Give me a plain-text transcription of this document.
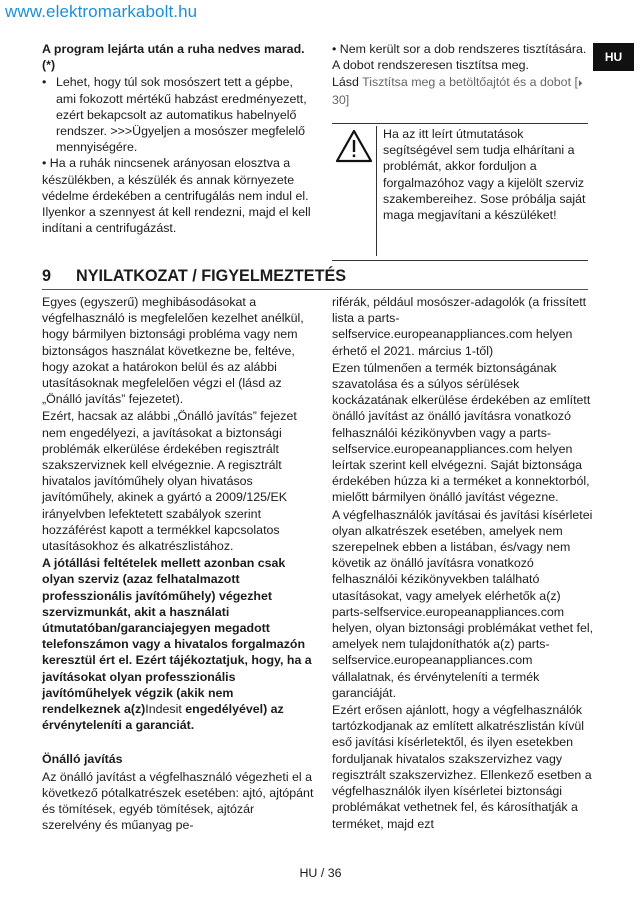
www.elektromarkabolt.hu
HU

A program lejárta után a ruha nedves marad. (*)

• Lehet, hogy túl sok mosószert tett a gépbe, ami fokozott mértékű habzást eredményezett, ezért bekapcsolt az automatikus habelnyelő rendszer. >>>Ügyeljen a mosószer megfelelő mennyiségére.

• Ha a ruhák nincsenek arányosan elosztva a készülékben, a készülék és annak környezete védelme érdekében a centrifugálás nem indul el. Ilyenkor a szennyest át kell rendezni, majd el kell indítani a centrifugázást.

• Nem került sor a dob rendszeres tisztítására. A dobot rendszeresen tisztítsa meg.

Lásd Tisztítsa meg a betöltőajtót és a dobot [⏵ 30]

Ha az itt leírt útmutatások segítségével sem tudja elhárítani a problémát, akkor forduljon a forgalmazóhoz vagy a kijelölt szerviz szakembereihez. Sose próbálja saját maga megjavítani a készüléket!
9 NYILATKOZAT / FIGYELMEZTETÉS

Egyes (egyszerű) meghibásodásokat a végfelhasználó is megfelelően kezelhet anélkül, hogy bármilyen biztonsági probléma vagy nem biztonságos használat következne be, feltéve, hogy azokat a határokon belül és az alábbi utasításoknak megfelelően végzi el (lásd az „Önálló javítás” fejezetet).

Ezért, hacsak az alábbi „Önálló javítás” fejezet nem engedélyezi, a javításokat a biztonsági problémák elkerülése érdekében regisztrált szakszerviznek kell elvégeznie. A regisztrált hivatalos javítóműhely olyan hivatásos javítóműhely, akinek a gyártó a 2009/125/EK irányelvben lefektetett szabályok szerint hozzáférést kapott a termékkel kapcsolatos utasításokhoz és alkatrészlistához.

A jótállási feltételek mellett azonban csak olyan szerviz (azaz felhatalmazott professzionális javítóműhely) végezhet szervizmunkát, akit a használati útmutatóban/garanciajegyen megadott telefonszámon vagy a hivatalos forgalmazón keresztül ért el. Ezért tájékoztatjuk, hogy, ha a javításokat olyan professzionális javítóműhelyek végzik (akik nem rendelkeznek a(z)Indesit engedélyével) az érvényteleníti a garanciát.

Önálló javítás

Az önálló javítást a végfelhasználó végezheti el a következő pótalkatrészek esetében: ajtó, ajtópánt és tömítések, egyéb tömítések, ajtózár szerelvény és műanyag pe-

riférák, például mosószer-adagolók (a frissített lista a parts-selfservice.europeanappliances.com helyen érhető el 2021. március 1-től)

Ezen túlmenően a termék biztonságának szavatolása és a súlyos sérülések kockázatának elkerülése érdekében az említett önálló javítást az önálló javításra vonatkozó felhasználói kézikönyvben vagy a parts-selfservice.europeanappliances.com helyen leírtak szerint kell elvégezni. Saját biztonsága érdekében húzza ki a terméket a konnektorból, mielőtt bármilyen önálló javítást végezne.

A végfelhasználók javításai és javítási kísérletei olyan alkatrészek esetében, amelyek nem szerepelnek ebben a listában, és/vagy nem követik az önálló javításra vonatkozó felhasználói kézikönyvekben található utasításokat, vagy amelyek elérhetők a(z) parts-selfservice.europeanappliances.com helyen, olyan biztonsági problémákat vethet fel, amelyek nem tulajdoníthatók a(z) parts-selfservice.europeanappliances.com vállalatnak, és érvényteleníti a termék garanciáját.

Ezért erősen ajánlott, hogy a végfelhasználók tartózkodjanak az említett alkatrészlistán kívül eső javítási kísérletektől, és ilyen esetekben forduljanak hivatalos szakszervizhez vagy regisztrált szakszervizhez. Ellenkező esetben a végfelhasználók ilyen kísérletei biztonsági problémákat vethetnek fel, és károsíthatják a terméket, majd ezt

HU / 36
